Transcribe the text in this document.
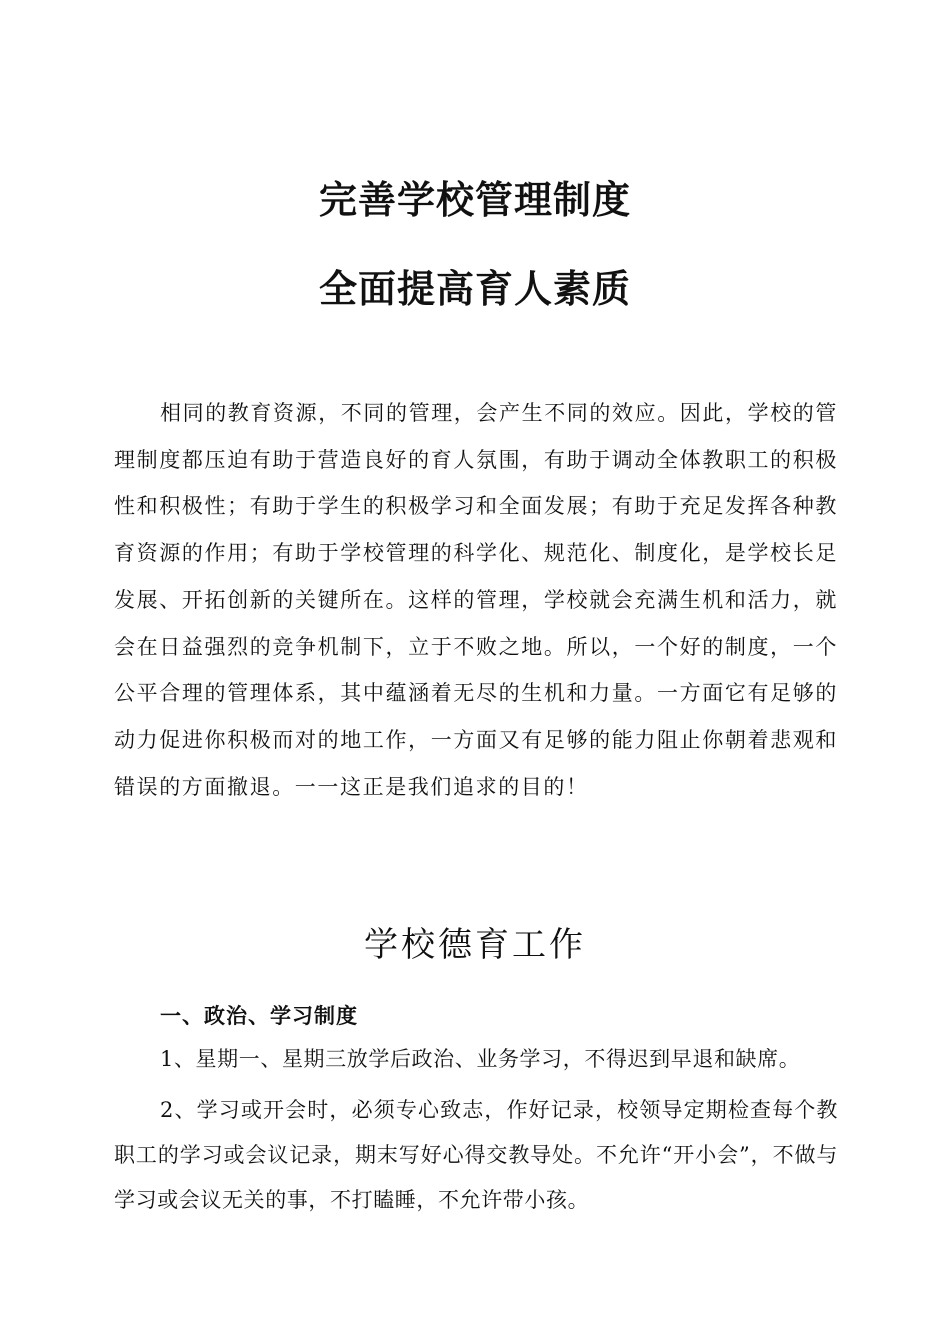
完善学校管理制度
全面提高育人素质

相同的教育资源，不同的管理，会产生不同的效应。因此，学校的管理制度都压迫有助于营造良好的育人氛围，有助于调动全体教职工的积极性和积极性；有助于学生的积极学习和全面发展；有助于充足发挥各种教育资源的作用；有助于学校管理的科学化、规范化、制度化，是学校长足发展、开拓创新的关键所在。这样的管理，学校就会充满生机和活力，就会在日益强烈的竞争机制下，立于不败之地。所以，一个好的制度，一个公平合理的管理体系，其中蕴涵着无尽的生机和力量。一方面它有足够的动力促进你积极而对的地工作，一方面又有足够的能力阻止你朝着悲观和错误的方面撤退。一一这正是我们追求的目的！

学校德育工作
一、政治、学习制度

1、星期一、星期三放学后政治、业务学习，不得迟到早退和缺席。

2、学习或开会时，必须专心致志，作好记录，校领导定期检查每个教职工的学习或会议记录，期末写好心得交教导处。不允许“开小会”，不做与学习或会议无关的事，不打瞌睡，不允许带小孩。
